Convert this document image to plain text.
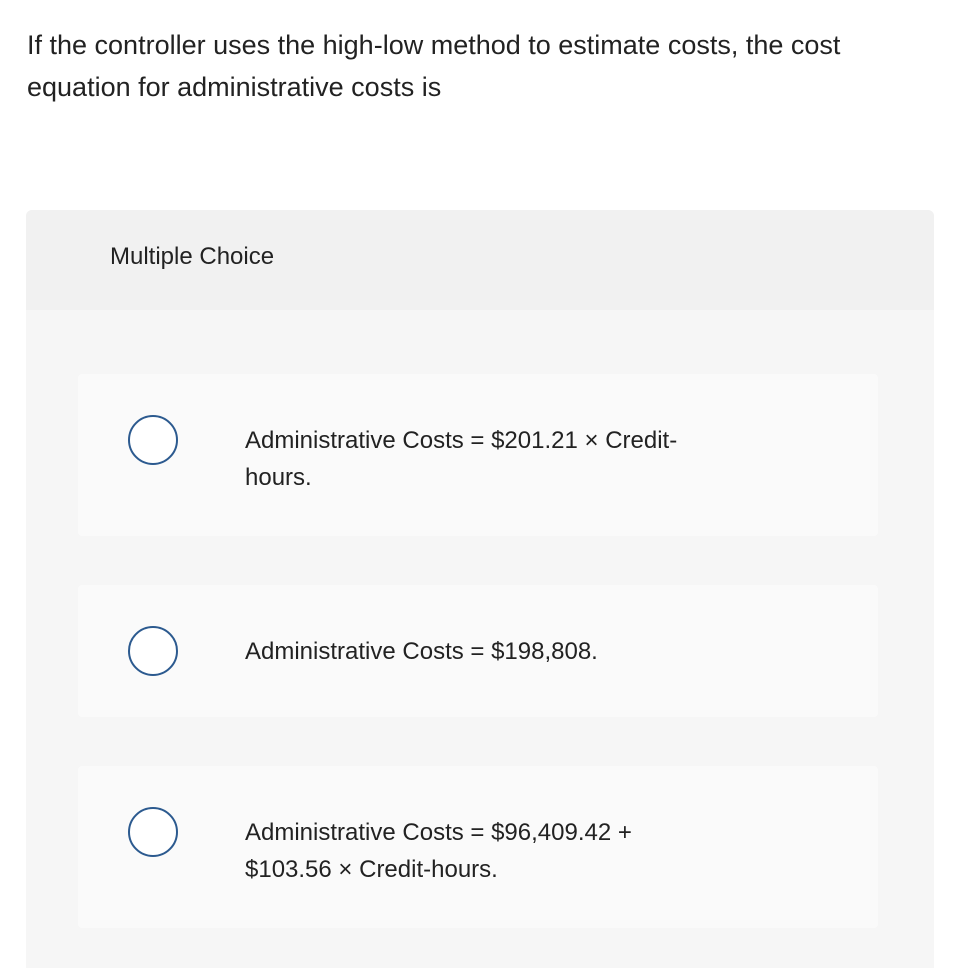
If the controller uses the high-low method to estimate costs, the cost equation for administrative costs is
Multiple Choice
Administrative Costs = $201.21 × Credit-hours.
Administrative Costs = $198,808.
Administrative Costs = $96,409.42 + $103.56 × Credit-hours.
